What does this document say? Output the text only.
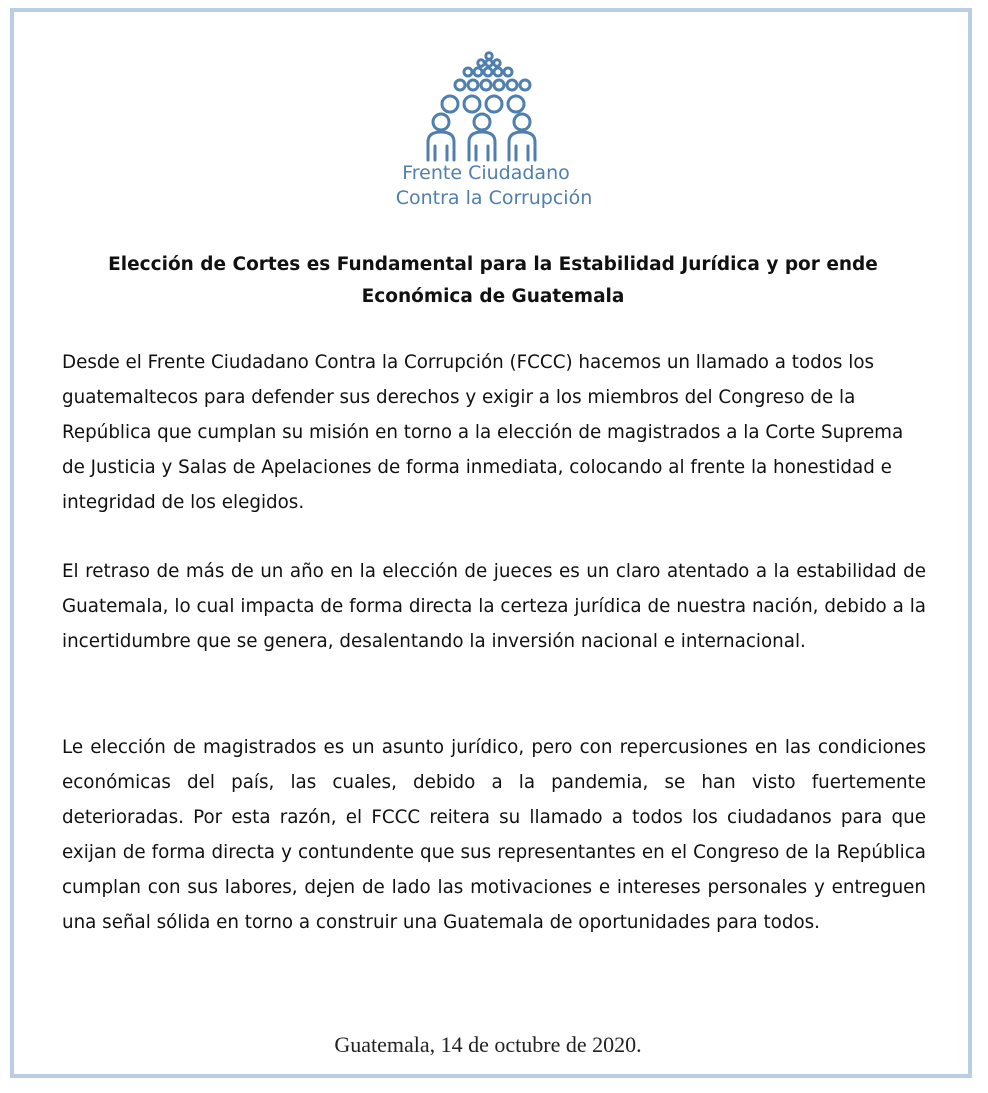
Frente Ciudadano
Contra la Corrupción
Elección de Cortes es Fundamental para la Estabilidad Jurídica y por ende Económica de Guatemala

Desde el Frente Ciudadano Contra la Corrupción (FCCC) hacemos un llamado a todos los guatemaltecos para defender sus derechos y exigir a los miembros del Congreso de la República que cumplan su misión en torno a la elección de magistrados a la Corte Suprema de Justicia y Salas de Apelaciones de forma inmediata, colocando al frente la honestidad e integridad de los elegidos.

El retraso de más de un año en la elección de jueces es un claro atentado a la estabilidad de Guatemala, lo cual impacta de forma directa la certeza jurídica de nuestra nación, debido a la incertidumbre que se genera, desalentando la inversión nacional e internacional.

Le elección de magistrados es un asunto jurídico, pero con repercusiones en las condiciones económicas del país, las cuales, debido a la pandemia, se han visto fuertemente deterioradas. Por esta razón, el FCCC reitera su llamado a todos los ciudadanos para que exijan de forma directa y contundente que sus representantes en el Congreso de la República cumplan con sus labores, dejen de lado las motivaciones e intereses personales y entreguen una señal sólida en torno a construir una Guatemala de oportunidades para todos.

Guatemala, 14 de octubre de 2020.
